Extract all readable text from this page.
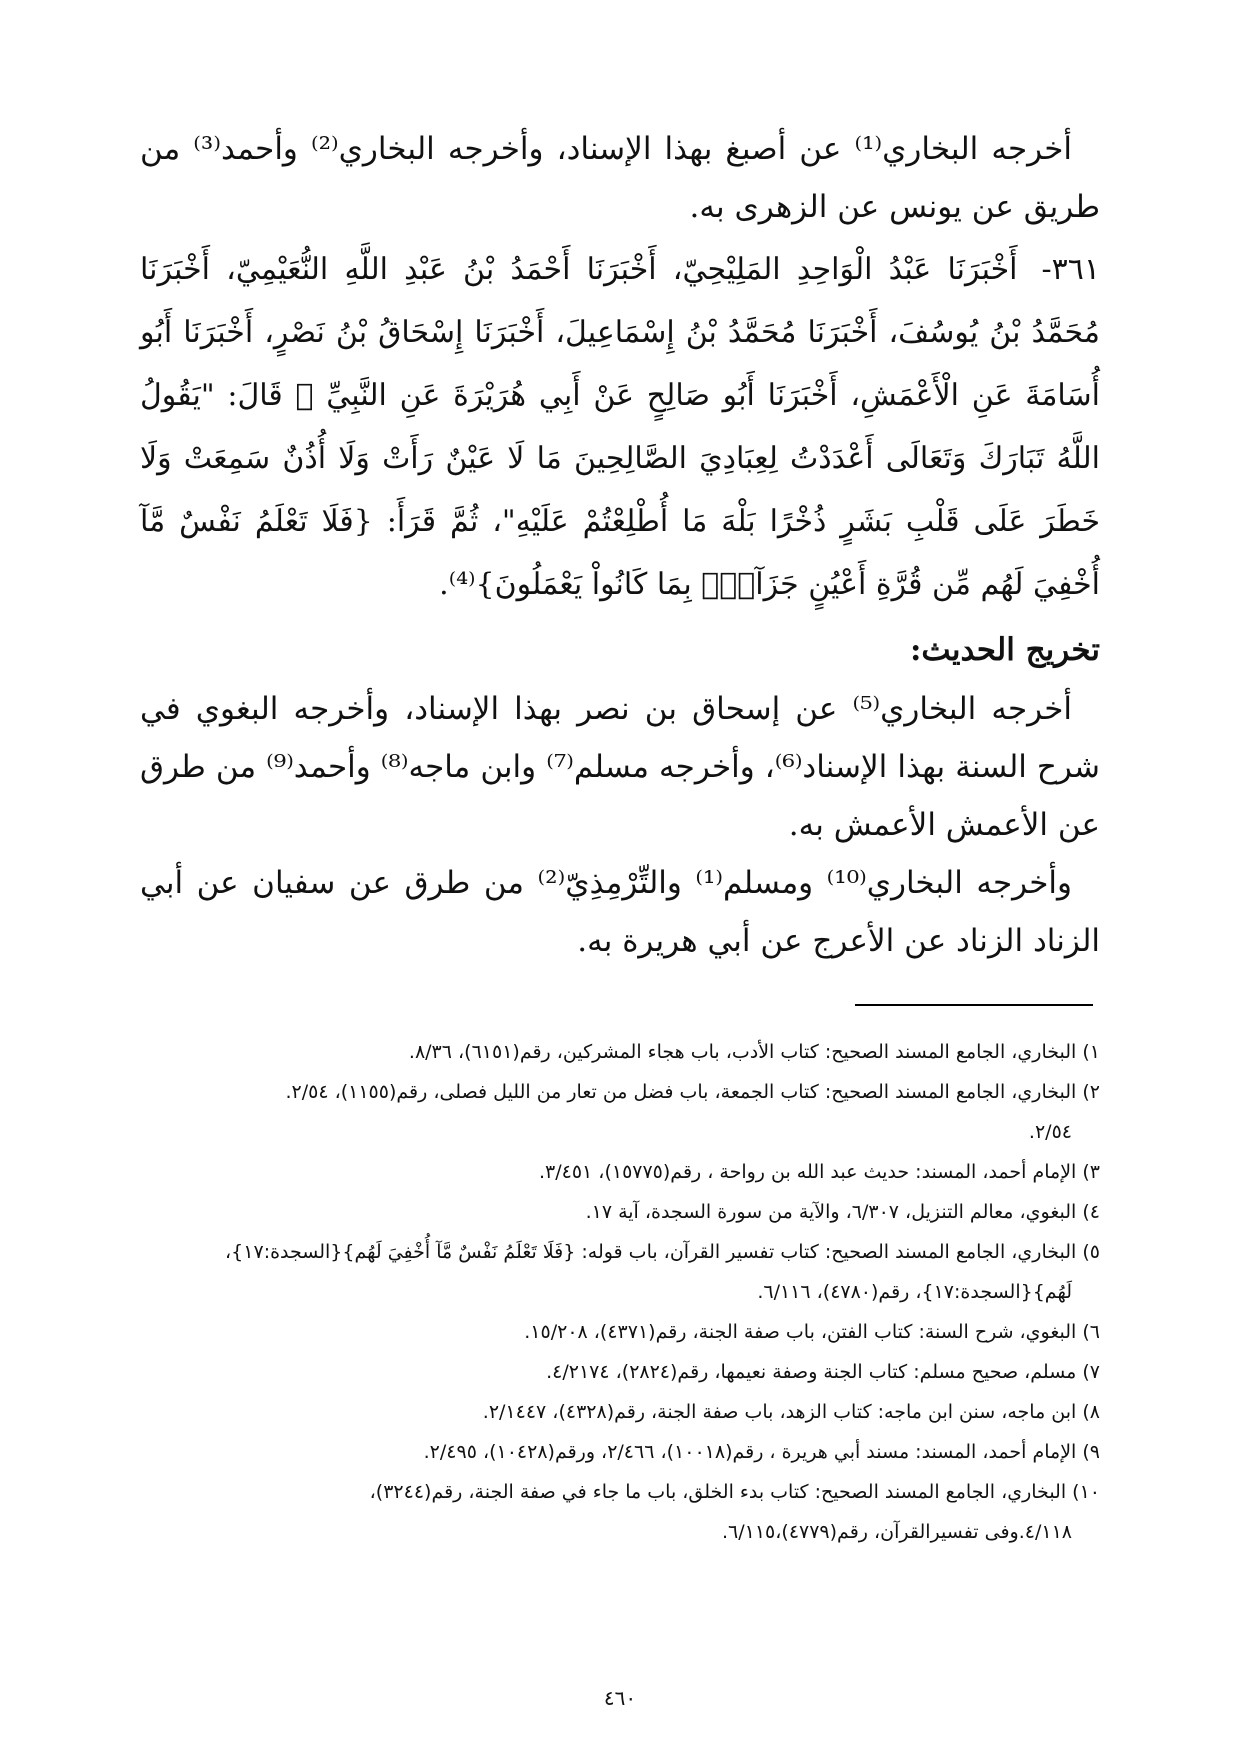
أخرجه البخاري⁽¹⁾ عن أصبغ بهذا الإسناد، وأخرجه البخاري⁽²⁾ وأحمد⁽³⁾ من طريق عن يونس عن الزهرى به.

٣٦١-أَخْبَرَنَا عَبْدُ الْوَاحِدِ المَلِيْحِيّ، أَخْبَرَنَا أَحْمَدُ بْنُ عَبْدِ اللَّهِ النُّعَيْمِيّ، أَخْبَرَنَا مُحَمَّدُ بْنُ يُوسُفَ، أَخْبَرَنَا مُحَمَّدُ بْنُ إِسْمَاعِيلَ، أَخْبَرَنَا إِسْحَاقُ بْنُ نَصْرٍ، أَخْبَرَنَا أَبُو أُسَامَةَ عَنِ الْأَعْمَشِ، أَخْبَرَنَا أَبُو صَالِحٍ عَنْ أَبِي هُرَيْرَةَ عَنِ النَّبِيِّ ﷺ قَالَ: "يَقُولُ اللَّهُ تَبَارَكَ وَتَعَالَى أَعْدَدْتُ لِعِبَادِيَ الصَّالِحِينَ مَا لَا عَيْنٌ رَأَتْ وَلَا أُذُنٌ سَمِعَتْ وَلَا خَطَرَ عَلَى قَلْبِ بَشَرٍ ذُخْرًا بَلْهَ مَا أُطْلِعْتُمْ عَلَيْهِ"، ثُمَّ قَرَأَ: {فَلَا تَعْلَمُ نَفْسٌ مَّآ أُخْفِيَ لَهُم مِّن قُرَّةِ أَعْيُنٍ جَزَآءًۢ بِمَا كَانُواْ يَعْمَلُونَ}⁽⁴⁾.

تخريج الحديث:

أخرجه البخاري⁽⁵⁾ عن إسحاق بن نصر بهذا الإسناد، وأخرجه البغوي في شرح السنة بهذا الإسناد⁽⁶⁾، وأخرجه مسلم⁽⁷⁾ وابن ماجه⁽⁸⁾ وأحمد⁽⁹⁾ من طرق عن الأعمش الأعمش به.

وأخرجه البخاري⁽¹⁰⁾ ومسلم⁽¹⁾ والتِّرْمِذِيّ⁽²⁾ من طرق عن سفيان عن أبي الزناد الزناد عن الأعرج عن أبي هريرة به.

١) البخاري، الجامع المسند الصحيح: كتاب الأدب، باب هجاء المشركين، رقم(٦١٥١)، ٨/٣٦.

٢) البخاري، الجامع المسند الصحيح: كتاب الجمعة، باب فضل من تعار من الليل فصلى، رقم(١١٥٥)، ٢/٥٤.
٢/٥٤.

٣) الإمام أحمد، المسند: حديث عبد الله بن رواحة ، رقم(١٥٧٧٥)، ٣/٤٥١.

٤) البغوي، معالم التنزيل، ٦/٣٠٧، والآية من سورة السجدة، آية ١٧.

٥) البخاري، الجامع المسند الصحيح: كتاب تفسير القرآن، باب قوله: {فَلَا تَعْلَمُ نَفْسٌ مَّآ أُخْفِيَ لَهُم}{السجدة:١٧}،
لَهُم}{السجدة:١٧}، رقم(٤٧٨٠)، ٦/١١٦.

٦) البغوي، شرح السنة: كتاب الفتن، باب صفة الجنة، رقم(٤٣٧١)، ١٥/٢٠٨.

٧) مسلم، صحيح مسلم: كتاب الجنة وصفة نعيمها، رقم(٢٨٢٤)، ٤/٢١٧٤.

٨) ابن ماجه، سنن ابن ماجه: كتاب الزهد، باب صفة الجنة، رقم(٤٣٢٨)، ٢/١٤٤٧.

٩) الإمام أحمد، المسند: مسند أبي هريرة ، رقم(١٠٠١٨)، ٢/٤٦٦، ورقم(١٠٤٢٨)، ٢/٤٩٥.

١٠) البخاري، الجامع المسند الصحيح: كتاب بدء الخلق، باب ما جاء في صفة الجنة، رقم(٣٢٤٤)،
٤/١١٨.وفى تفسيرالقرآن، رقم(٤٧٧٩)،٦/١١٥.

٤٦٠
